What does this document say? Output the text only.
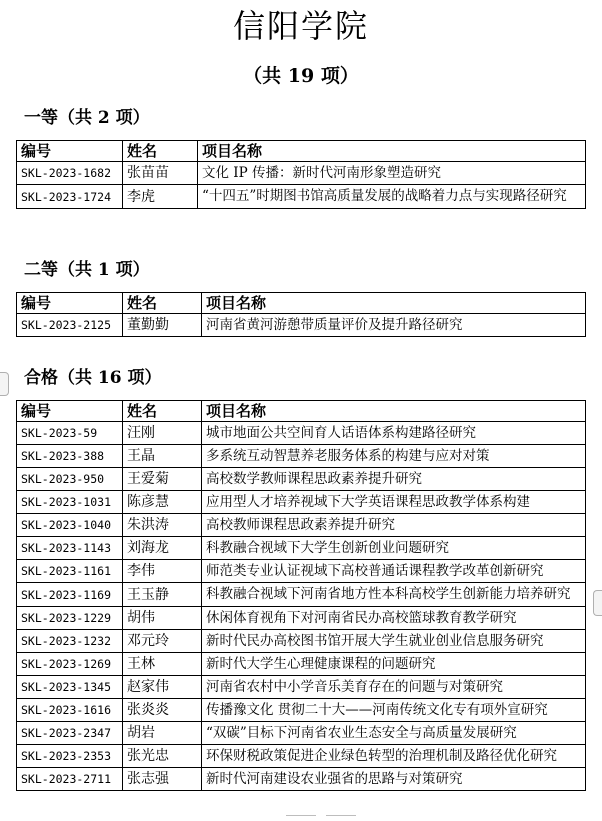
信阳学院
（共 19 项）
一等（共 2 项）
编号	姓名	项目名称
SKL-2023-1682	张苗苗	文化 IP 传播：新时代河南形象塑造研究
SKL-2023-1724	李虎	“十四五”时期图书馆高质量发展的战略着力点与实现路径研究
二等（共 1 项）
编号	姓名	项目名称
SKL-2023-2125	董勤勤	河南省黄河游憩带质量评价及提升路径研究
合格（共 16 项）
编号	姓名	项目名称
SKL-2023-59	汪刚	城市地面公共空间育人话语体系构建路径研究
SKL-2023-388	王晶	多系统互动智慧养老服务体系的构建与应对对策
SKL-2023-950	王爱菊	高校数学教师课程思政素养提升研究
SKL-2023-1031	陈彦慧	应用型人才培养视域下大学英语课程思政教学体系构建
SKL-2023-1040	朱洪涛	高校教师课程思政素养提升研究
SKL-2023-1143	刘海龙	科教融合视域下大学生创新创业问题研究
SKL-2023-1161	李伟	师范类专业认证视域下高校普通话课程教学改革创新研究
SKL-2023-1169	王玉静	科教融合视域下河南省地方性本科高校学生创新能力培养研究
SKL-2023-1229	胡伟	休闲体育视角下对河南省民办高校篮球教育教学研究
SKL-2023-1232	邓元玲	新时代民办高校图书馆开展大学生就业创业信息服务研究
SKL-2023-1269	王林	新时代大学生心理健康课程的问题研究
SKL-2023-1345	赵家伟	河南省农村中小学音乐美育存在的问题与对策研究
SKL-2023-1616	张炎炎	传播豫文化 贯彻二十大——河南传统文化专有项外宣研究
SKL-2023-2347	胡岩	“双碳”目标下河南省农业生态安全与高质量发展研究
SKL-2023-2353	张光忠	环保财税政策促进企业绿色转型的治理机制及路径优化研究
SKL-2023-2711	张志强	新时代河南建设农业强省的思路与对策研究
